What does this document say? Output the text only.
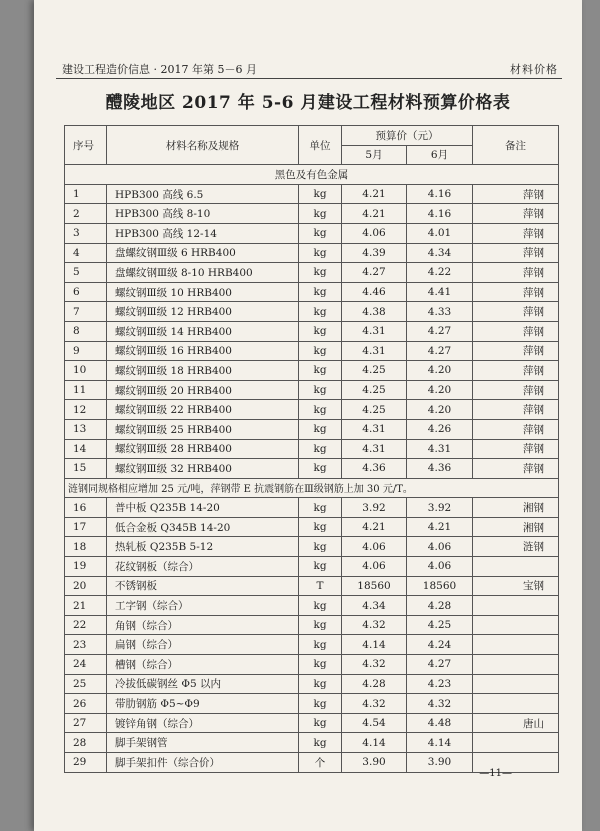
建设工程造价信息 · 2017 年第 5－6 月	材料价格
醴陵地区 2017 年 5-6 月建设工程材料预算价格表
序号	材料名称及规格	单位	预算价（元）		备注
			5月	6月	
黑色及有色金属					
1	HPB300 高线 6.5	kg	4.21	4.16	萍钢
2	HPB300 高线 8-10	kg	4.21	4.16	萍钢
3	HPB300 高线 12-14	kg	4.06	4.01	萍钢
4	盘螺纹钢Ⅲ级 6 HRB400	kg	4.39	4.34	萍钢
5	盘螺纹钢Ⅲ级 8-10 HRB400	kg	4.27	4.22	萍钢
6	螺纹钢Ⅲ级 10 HRB400	kg	4.46	4.41	萍钢
7	螺纹钢Ⅲ级 12 HRB400	kg	4.38	4.33	萍钢
8	螺纹钢Ⅲ级 14 HRB400	kg	4.31	4.27	萍钢
9	螺纹钢Ⅲ级 16 HRB400	kg	4.31	4.27	萍钢
10	螺纹钢Ⅲ级 18 HRB400	kg	4.25	4.20	萍钢
11	螺纹钢Ⅲ级 20 HRB400	kg	4.25	4.20	萍钢
12	螺纹钢Ⅲ级 22 HRB400	kg	4.25	4.20	萍钢
13	螺纹钢Ⅲ级 25 HRB400	kg	4.31	4.26	萍钢
14	螺纹钢Ⅲ级 28 HRB400	kg	4.31	4.31	萍钢
15	螺纹钢Ⅲ级 32 HRB400	kg	4.36	4.36	萍钢
涟钢同规格相应增加 25 元/吨，萍钢带 E 抗震钢筋在Ⅲ级钢筋上加 30 元/T。					
16	普中板 Q235B 14-20	kg	3.92	3.92	湘钢
17	低合金板 Q345B 14-20	kg	4.21	4.21	湘钢
18	热轧板 Q235B 5-12	kg	4.06	4.06	涟钢
19	花纹钢板（综合）	kg	4.06	4.06	
20	不锈钢板	T	18560	18560	宝钢
21	工字钢（综合）	kg	4.34	4.28	
22	角钢（综合）	kg	4.32	4.25	
23	扁钢（综合）	kg	4.14	4.24	
24	槽钢（综合）	kg	4.32	4.27	
25	冷拔低碳钢丝 Φ5 以内	kg	4.28	4.23	
26	带肋钢筋 Φ5~Φ9	kg	4.32	4.32	
27	镀锌角钢（综合）	kg	4.54	4.48	唐山
28	脚手架钢管	kg	4.14	4.14	
29	脚手架扣件（综合价）	个	3.90	3.90	
—11—
